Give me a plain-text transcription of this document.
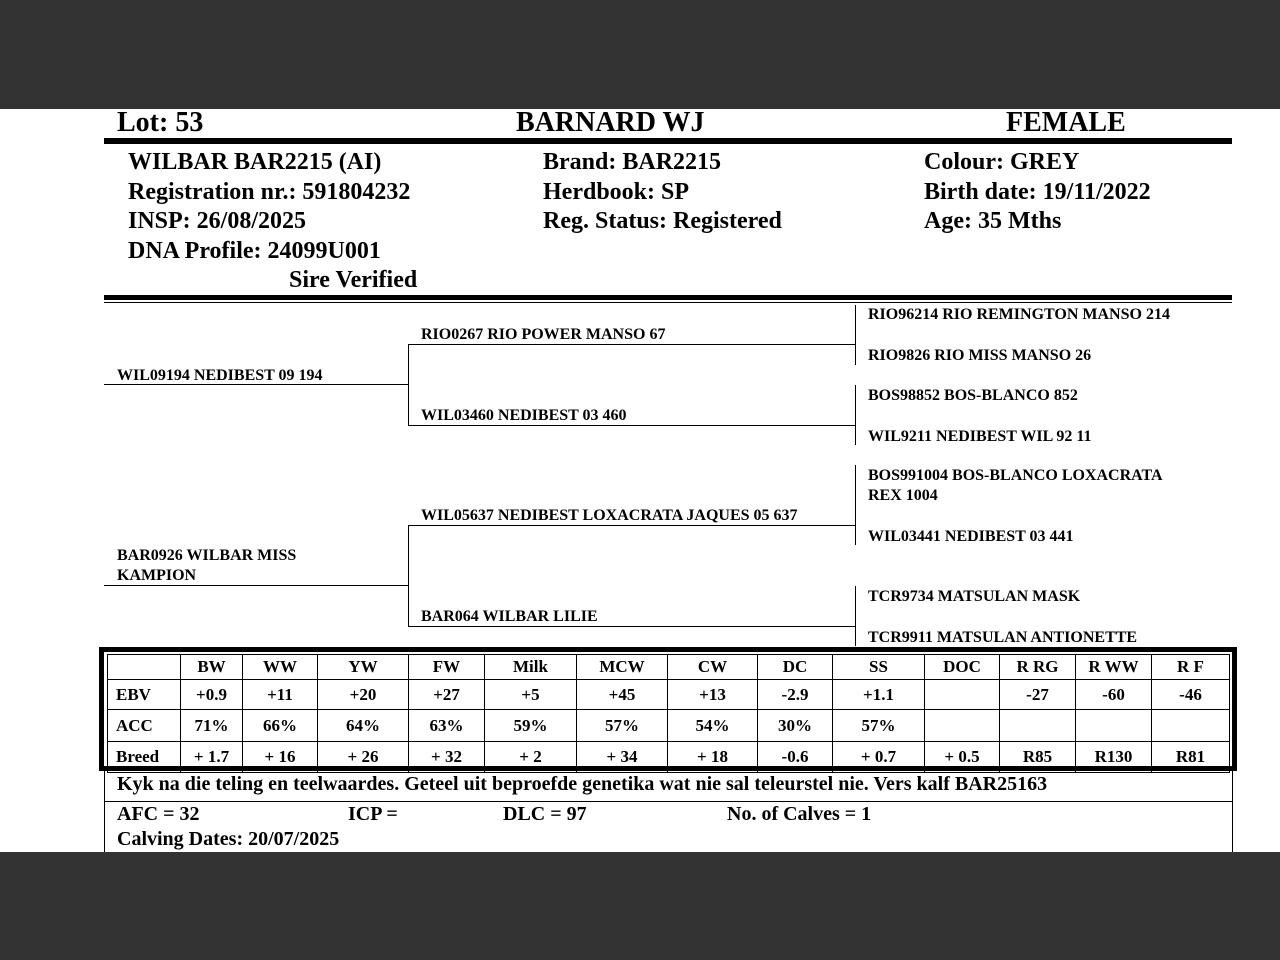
Lot: 53	BARNARD WJ	FEMALE
WILBAR BAR2215 (AI)
Registration nr.: 591804232
INSP: 26/08/2025
DNA Profile: 24099U001
Sire Verified
Brand: BAR2215
Herdbook: SP
Reg. Status: Registered
Colour: GREY
Birth date: 19/11/2022
Age: 35 Mths
WIL09194 NEDIBEST 09 194
BAR0926 WILBAR MISS
KAMPION
RIO0267 RIO POWER MANSO 67
WIL03460 NEDIBEST 03 460
WIL05637 NEDIBEST LOXACRATA JAQUES 05 637
BAR064 WILBAR LILIE
RIO96214 RIO REMINGTON MANSO 214
RIO9826 RIO MISS MANSO 26
BOS98852 BOS-BLANCO 852
WIL9211 NEDIBEST WIL 92 11
BOS991004 BOS-BLANCO LOXACRATA
REX 1004
WIL03441 NEDIBEST 03 441
TCR9734 MATSULAN MASK
TCR9911 MATSULAN ANTIONETTE
	BW	WW	YW	FW	Milk	MCW	CW	DC	SS	DOC	R RG	R WW	R F
EBV	+0.9	+11	+20	+27	+5	+45	+13	-2.9	+1.1		-27	-60	-46
ACC	71%	66%	64%	63%	59%	57%	54%	30%	57%				
Breed	+ 1.7	+ 16	+ 26	+ 32	+ 2	+ 34	+ 18	-0.6	+ 0.7	+ 0.5	R85	R130	R81
Kyk na die teling en teelwaardes. Geteel uit beproefde genetika wat nie sal teleurstel nie. Vers kalf BAR25163
AFC = 32	ICP =	DLC = 97	No. of Calves = 1
Calving Dates: 20/07/2025
